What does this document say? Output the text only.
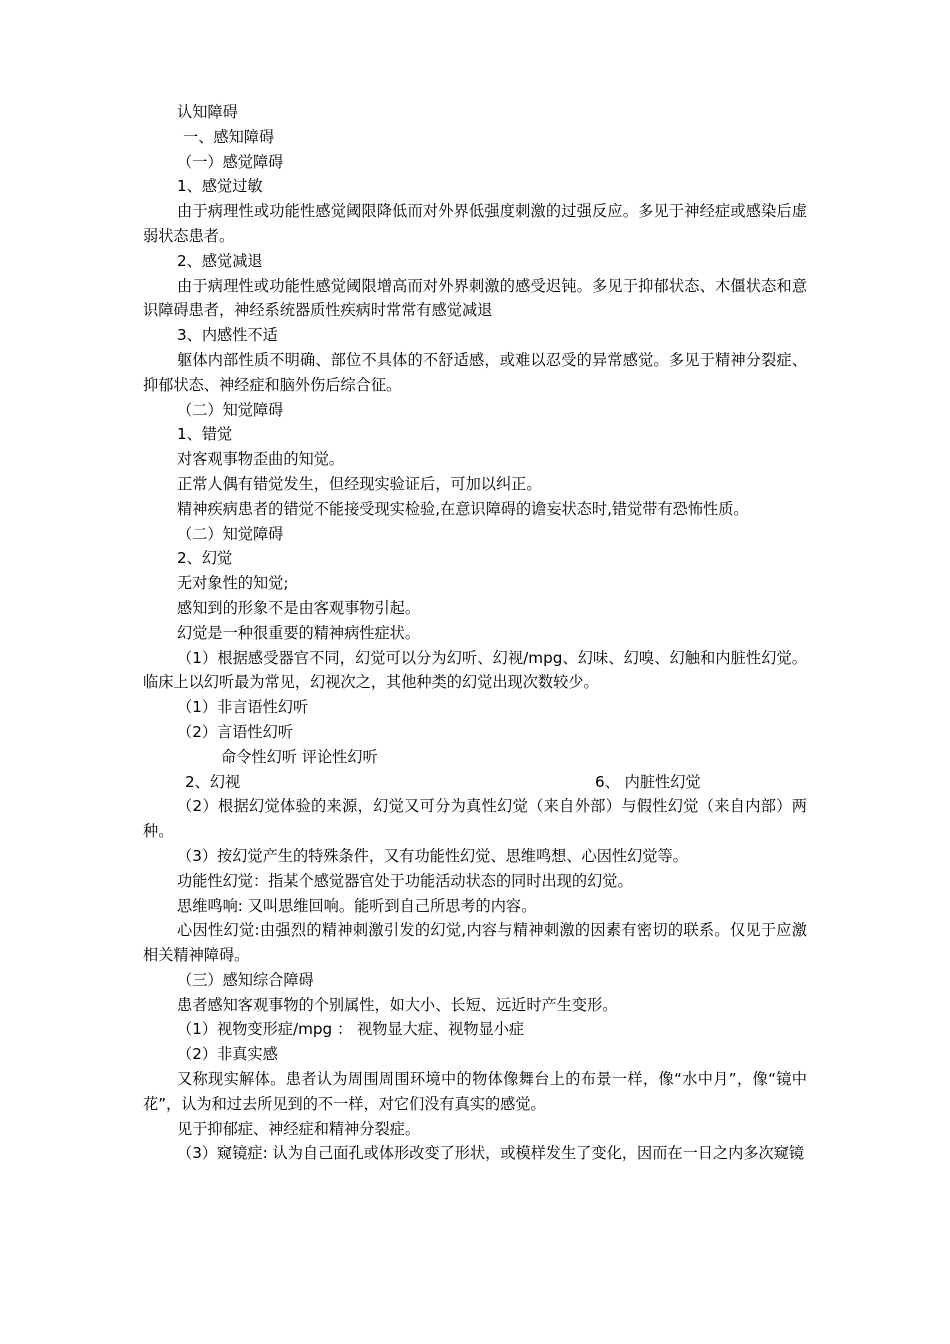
认知障碍

一、感知障碍

（一）感觉障碍

1、感觉过敏

由于病理性或功能性感觉阈限降低而对外界低强度刺激的过强反应。多见于神经症或感染后虚弱状态患者。

2、感觉减退

由于病理性或功能性感觉阈限增高而对外界刺激的感受迟钝。多见于抑郁状态、木僵状态和意识障碍患者，神经系统器质性疾病时常常有感觉减退

3、内感性不适

躯体内部性质不明确、部位不具体的不舒适感，或难以忍受的异常感觉。多见于精神分裂症、抑郁状态、神经症和脑外伤后综合征。

（二）知觉障碍

1、错觉

对客观事物歪曲的知觉。

正常人偶有错觉发生，但经现实验证后，可加以纠正。

精神疾病患者的错觉不能接受现实检验,在意识障碍的谵妄状态时,错觉带有恐怖性质。

（二）知觉障碍

2、幻觉

无对象性的知觉;

感知到的形象不是由客观事物引起。

幻觉是一种很重要的精神病性症状。

（1）根据感受器官不同，幻觉可以分为幻听、幻视/mpg、幻味、幻嗅、幻触和内脏性幻觉。临床上以幻听最为常见，幻视次之，其他种类的幻觉出现次数较少。

（1）非言语性幻听

（2）言语性幻听

命令性幻听 评论性幻听

2、幻视	6、 内脏性幻觉

（2）根据幻觉体验的来源，幻觉又可分为真性幻觉（来自外部）与假性幻觉（来自内部）两种。

（3）按幻觉产生的特殊条件，又有功能性幻觉、思维鸣想、心因性幻觉等。

功能性幻觉：指某个感觉器官处于功能活动状态的同时出现的幻觉。

思维鸣响: 又叫思维回响。能听到自己所思考的内容。

心因性幻觉:由强烈的精神刺激引发的幻觉,内容与精神刺激的因素有密切的联系。仅见于应激相关精神障碍。

（三）感知综合障碍

患者感知客观事物的个别属性，如大小、长短、远近时产生变形。

（1）视物变形症/mpg ： 视物显大症、视物显小症

（2）非真实感

又称现实解体。患者认为周围周围环境中的物体像舞台上的布景一样，像“水中月”，像“镜中花”，认为和过去所见到的不一样，对它们没有真实的感觉。

见于抑郁症、神经症和精神分裂症。

（3）窥镜症: 认为自己面孔或体形改变了形状，或模样发生了变化，因而在一日之内多次窥镜
